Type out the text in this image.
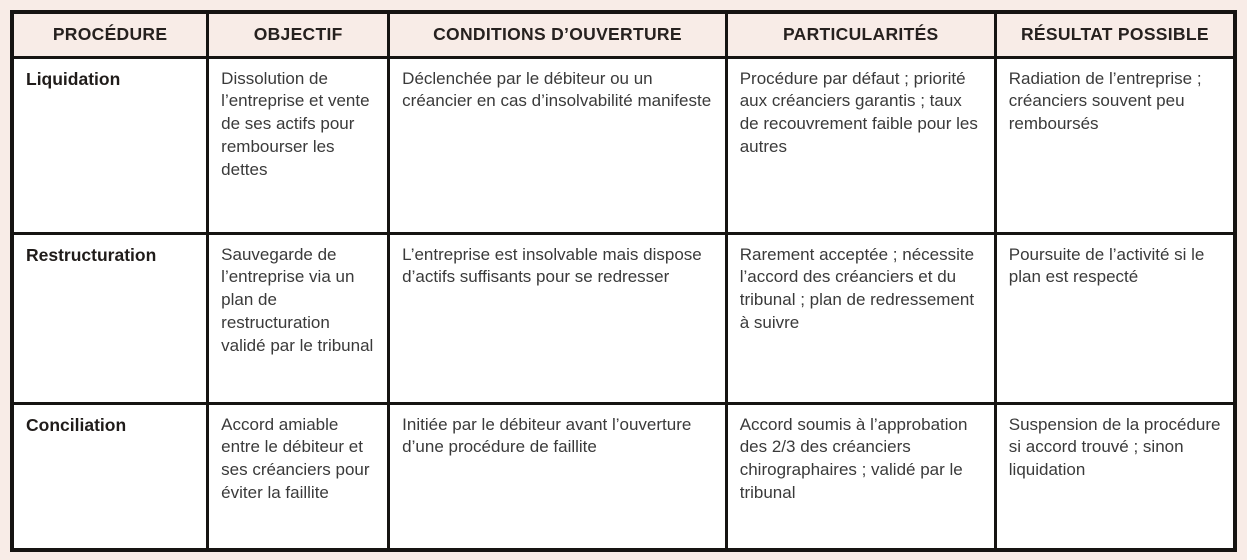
PROCÉDURE	OBJECTIF	CONDITIONS D’OUVERTURE	PARTICULARITÉS	RÉSULTAT POSSIBLE
Liquidation	Dissolution de l’entreprise et vente de ses actifs pour rembourser les dettes	Déclenchée par le débiteur ou un créancier en cas d’insolvabilité manifeste	Procédure par défaut ; priorité aux créanciers garantis ; taux de recouvrement faible pour les autres	Radiation de l’entreprise ; créanciers souvent peu remboursés
Restructuration	Sauvegarde de l’entreprise via un plan de restructuration validé par le tribunal	L’entreprise est insolvable mais dispose d’actifs suffisants pour se redresser	Rarement acceptée ; nécessite l’accord des créanciers et du tribunal ; plan de redressement à suivre	Poursuite de l’activité si le plan est respecté
Conciliation	Accord amiable entre le débiteur et ses créanciers pour éviter la faillite	Initiée par le débiteur avant l’ouverture d’une procédure de faillite	Accord soumis à l’approbation des 2/3 des créanciers chirographaires ; validé par le tribunal	Suspension de la procédure si accord trouvé ; sinon liquidation
